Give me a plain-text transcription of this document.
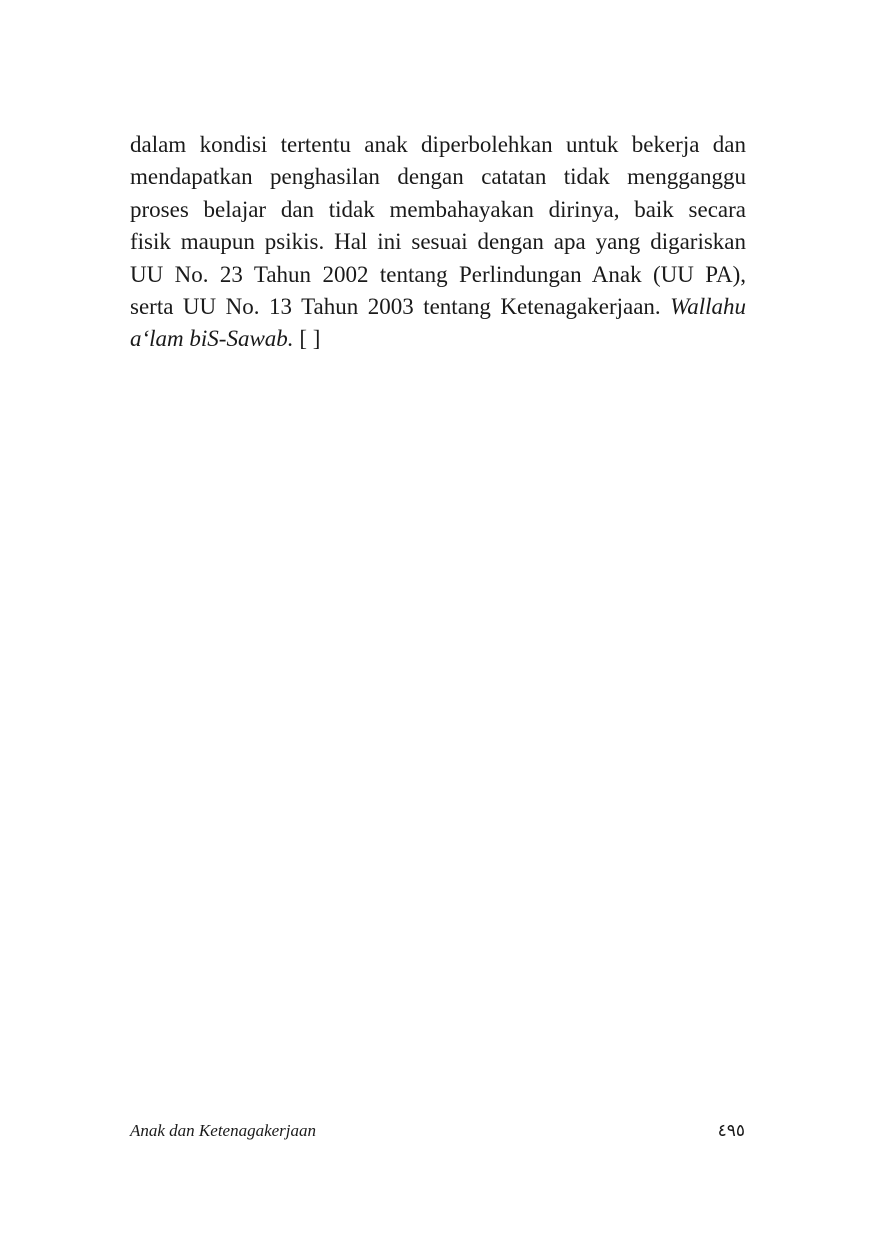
dalam kondisi tertentu anak diperbolehkan untuk bekerja dan
mendapatkan penghasilan dengan catatan tidak mengganggu
proses belajar dan tidak membahayakan dirinya, baik secara
fisik maupun psikis. Hal ini sesuai dengan apa yang digariskan
UU No. 23 Tahun 2002 tentang Perlindungan Anak (UU PA),
serta UU No. 13 Tahun 2003 tentang Ketenagakerjaan. Wallahu
a‘lam biS-Sawab. [ ]

Anak dan Ketenagakerjaan	٤٩٥
